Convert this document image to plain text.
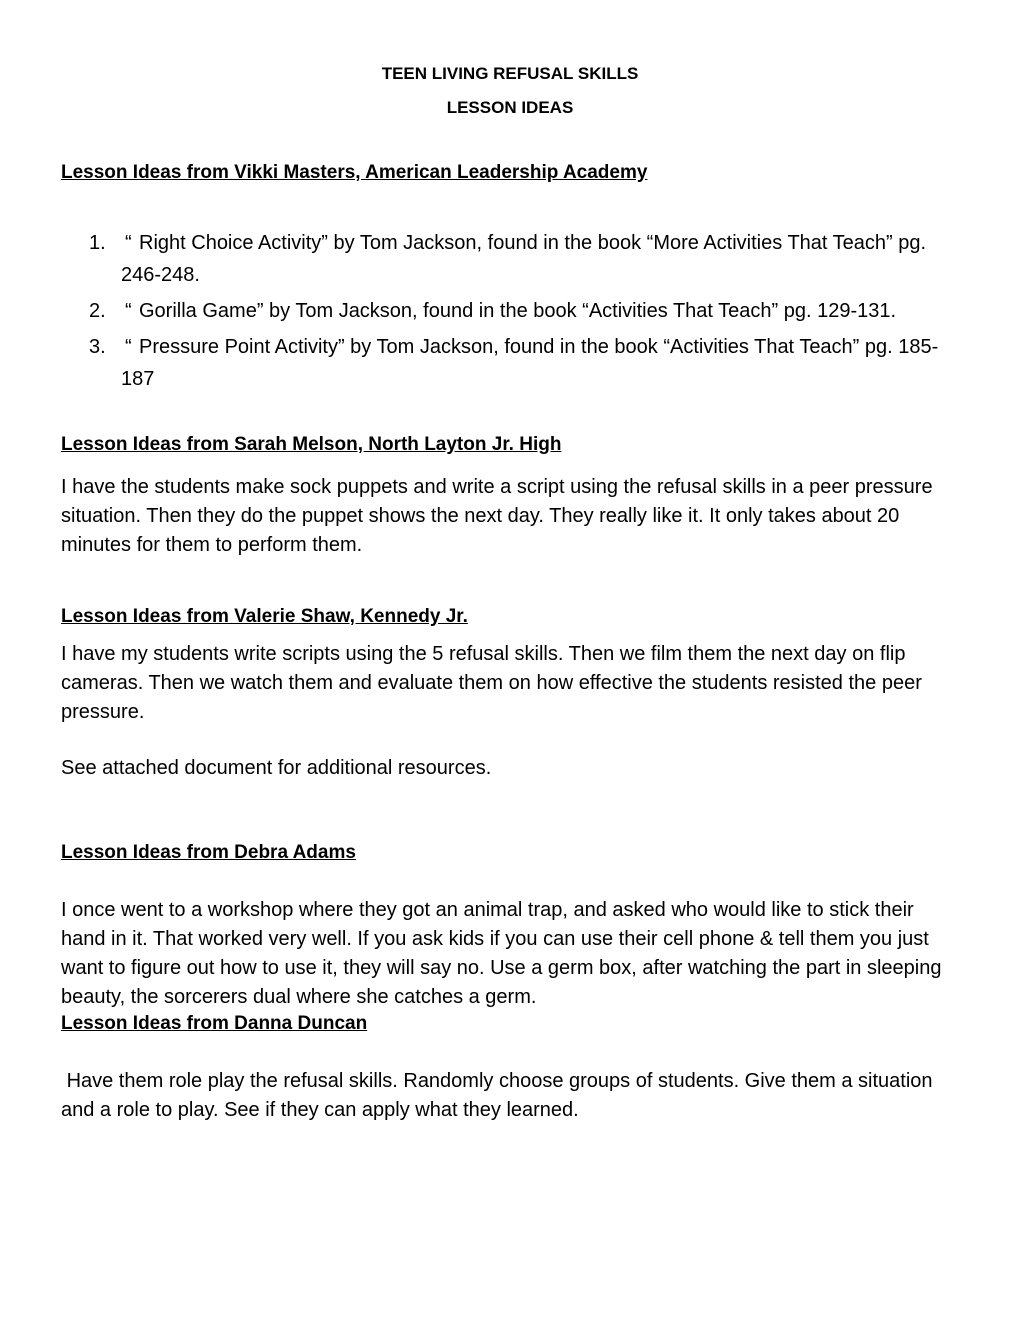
TEEN LIVING REFUSAL SKILLS
LESSON IDEAS
Lesson Ideas from Vikki Masters, American Leadership Academy
1. “ Right Choice Activity” by Tom Jackson, found in the book “More Activities That Teach” pg. 246-248.
2. “ Gorilla Game” by Tom Jackson, found in the book “Activities That Teach” pg. 129-131.
3. “ Pressure Point Activity” by Tom Jackson, found in the book “Activities That Teach” pg. 185-187
Lesson Ideas from Sarah Melson, North Layton Jr. High
I have the students make sock puppets and write a script using the refusal skills in a peer pressure situation. Then they do the puppet shows the next day. They really like it. It only takes about 20 minutes for them to perform them.
Lesson Ideas from Valerie Shaw, Kennedy Jr.
I have my students write scripts using the 5 refusal skills. Then we film them the next day on flip cameras. Then we watch them and evaluate them on how effective the students resisted the peer pressure.
See attached document for additional resources.
Lesson Ideas from Debra Adams
I once went to a workshop where they got an animal trap, and asked who would like to stick their hand in it. That worked very well. If you ask kids if you can use their cell phone & tell them you just want to figure out how to use it, they will say no. Use a germ box, after watching the part in sleeping beauty, the sorcerers dual where she catches a germ.
Lesson Ideas from Danna Duncan
Have them role play the refusal skills. Randomly choose groups of students. Give them a situation and a role to play. See if they can apply what they learned.
